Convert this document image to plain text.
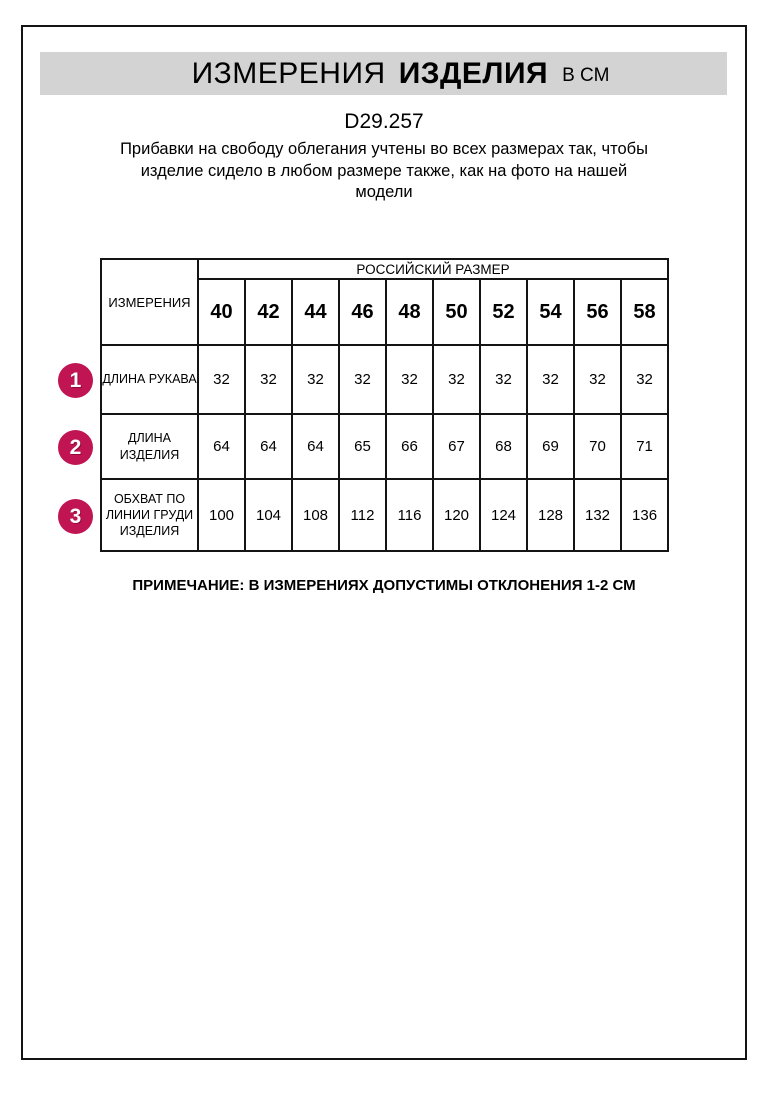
ИЗМЕРЕНИЯ ИЗДЕЛИЯ В СМ
D29.257
Прибавки на свободу облегания учтены во всех размерах так, чтобы
изделие сидело в любом размере также, как на фото на нашей
модели
ИЗМЕРЕНИЯ	РОССИЙСКИЙ РАЗМЕР									
	40	42	44	46	48	50	52	54	56	58
ДЛИНА РУКАВА	32	32	32	32	32	32	32	32	32	32
ДЛИНА ИЗДЕЛИЯ	64	64	64	65	66	67	68	69	70	71
ОБХВАТ ПО ЛИНИИ ГРУДИ ИЗДЕЛИЯ	100	104	108	112	116	120	124	128	132	136
1
2
3
ПРИМЕЧАНИЕ: В ИЗМЕРЕНИЯХ ДОПУСТИМЫ ОТКЛОНЕНИЯ 1-2 СМ
